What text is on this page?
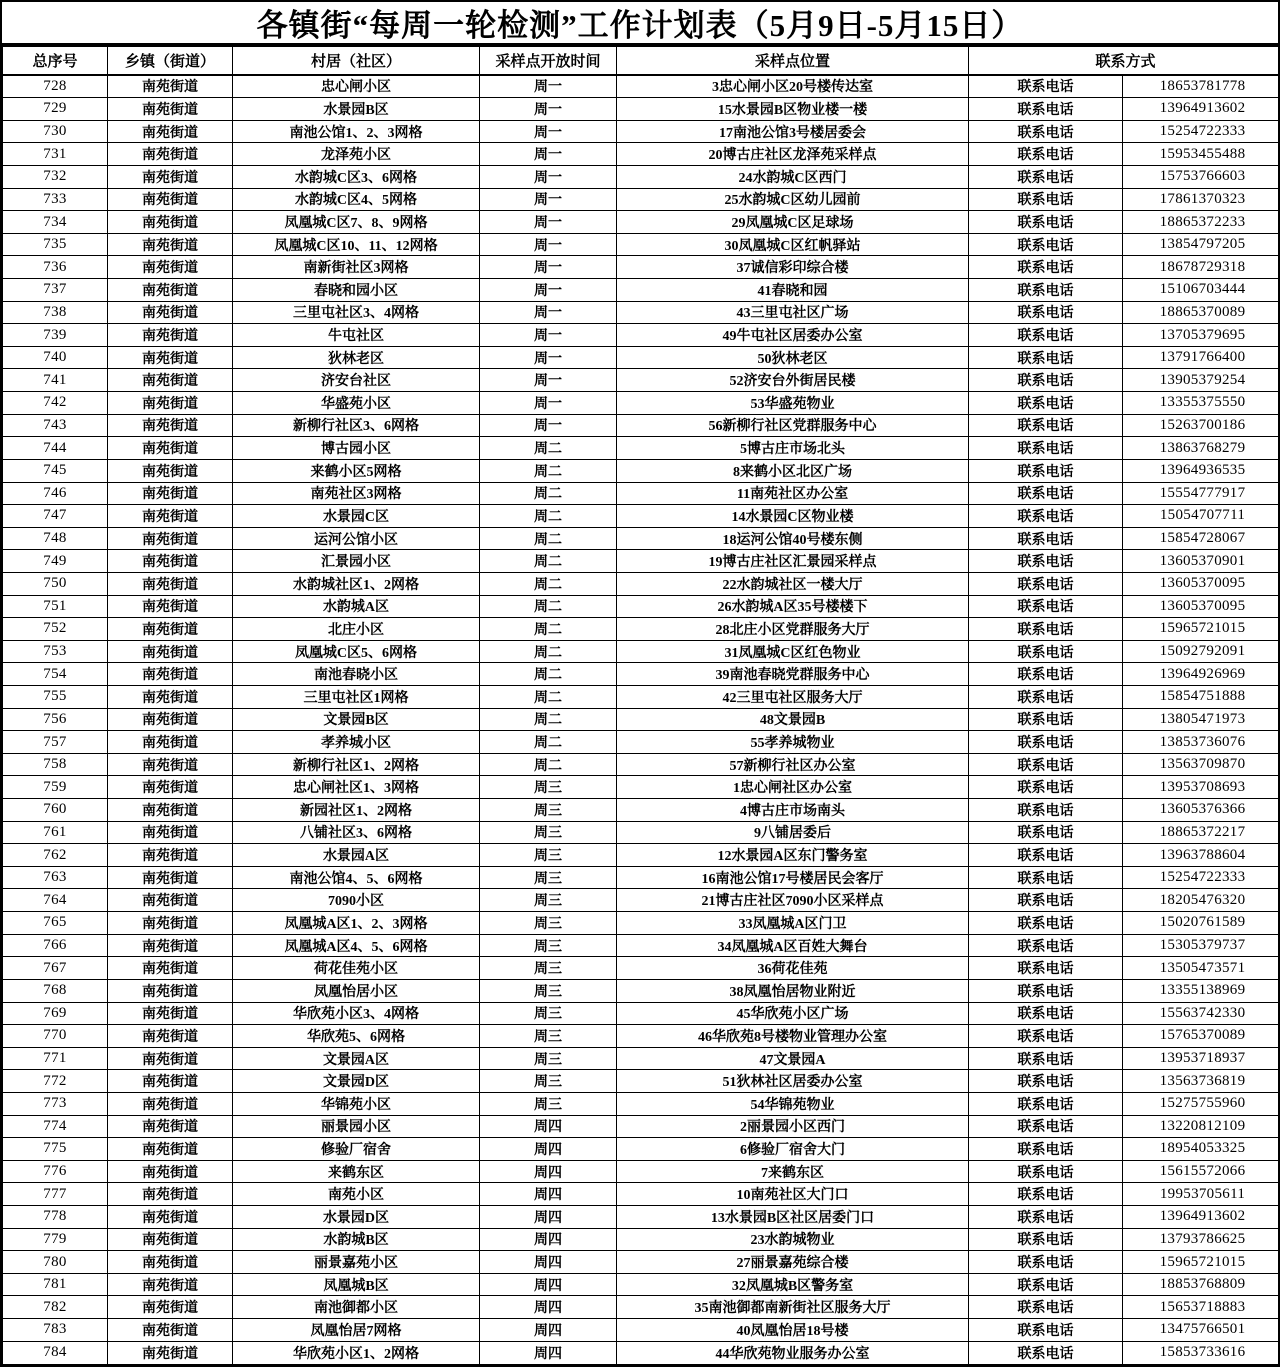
各镇街“每周一轮检测”工作计划表（5月9日-5月15日）
总序号	乡镇（街道）	村居（社区）	采样点开放时间	采样点位置	联系方式	
728	南苑街道	忠心闸小区	周一	3忠心闸小区20号楼传达室	联系电话	18653781778
729	南苑街道	水景园B区	周一	15水景园B区物业楼一楼	联系电话	13964913602
730	南苑街道	南池公馆1、2、3网格	周一	17南池公馆3号楼居委会	联系电话	15254722333
731	南苑街道	龙泽苑小区	周一	20博古庄社区龙泽苑采样点	联系电话	15953455488
732	南苑街道	水韵城C区3、6网格	周一	24水韵城C区西门	联系电话	15753766603
733	南苑街道	水韵城C区4、5网格	周一	25水韵城C区幼儿园前	联系电话	17861370323
734	南苑街道	凤凰城C区7、8、9网格	周一	29凤凰城C区足球场	联系电话	18865372233
735	南苑街道	凤凰城C区10、11、12网格	周一	30凤凰城C区红帆驿站	联系电话	13854797205
736	南苑街道	南新街社区3网格	周一	37诚信彩印综合楼	联系电话	18678729318
737	南苑街道	春晓和园小区	周一	41春晓和园	联系电话	15106703444
738	南苑街道	三里屯社区3、4网格	周一	43三里屯社区广场	联系电话	18865370089
739	南苑街道	牛屯社区	周一	49牛屯社区居委办公室	联系电话	13705379695
740	南苑街道	狄林老区	周一	50狄林老区	联系电话	13791766400
741	南苑街道	济安台社区	周一	52济安台外街居民楼	联系电话	13905379254
742	南苑街道	华盛苑小区	周一	53华盛苑物业	联系电话	13355375550
743	南苑街道	新柳行社区3、6网格	周一	56新柳行社区党群服务中心	联系电话	15263700186
744	南苑街道	博古园小区	周二	5博古庄市场北头	联系电话	13863768279
745	南苑街道	来鹤小区5网格	周二	8来鹤小区北区广场	联系电话	13964936535
746	南苑街道	南苑社区3网格	周二	11南苑社区办公室	联系电话	15554777917
747	南苑街道	水景园C区	周二	14水景园C区物业楼	联系电话	15054707711
748	南苑街道	运河公馆小区	周二	18运河公馆40号楼东侧	联系电话	15854728067
749	南苑街道	汇景园小区	周二	19博古庄社区汇景园采样点	联系电话	13605370901
750	南苑街道	水韵城社区1、2网格	周二	22水韵城社区一楼大厅	联系电话	13605370095
751	南苑街道	水韵城A区	周二	26水韵城A区35号楼楼下	联系电话	13605370095
752	南苑街道	北庄小区	周二	28北庄小区党群服务大厅	联系电话	15965721015
753	南苑街道	凤凰城C区5、6网格	周二	31凤凰城C区红色物业	联系电话	15092792091
754	南苑街道	南池春晓小区	周二	39南池春晓党群服务中心	联系电话	13964926969
755	南苑街道	三里屯社区1网格	周二	42三里屯社区服务大厅	联系电话	15854751888
756	南苑街道	文景园B区	周二	48文景园B	联系电话	13805471973
757	南苑街道	孝养城小区	周二	55孝养城物业	联系电话	13853736076
758	南苑街道	新柳行社区1、2网格	周二	57新柳行社区办公室	联系电话	13563709870
759	南苑街道	忠心闸社区1、3网格	周三	1忠心闸社区办公室	联系电话	13953708693
760	南苑街道	新园社区1、2网格	周三	4博古庄市场南头	联系电话	13605376366
761	南苑街道	八铺社区3、6网格	周三	9八铺居委后	联系电话	18865372217
762	南苑街道	水景园A区	周三	12水景园A区东门警务室	联系电话	13963788604
763	南苑街道	南池公馆4、5、6网格	周三	16南池公馆17号楼居民会客厅	联系电话	15254722333
764	南苑街道	7090小区	周三	21博古庄社区7090小区采样点	联系电话	18205476320
765	南苑街道	凤凰城A区1、2、3网格	周三	33凤凰城A区门卫	联系电话	15020761589
766	南苑街道	凤凰城A区4、5、6网格	周三	34凤凰城A区百姓大舞台	联系电话	15305379737
767	南苑街道	荷花佳苑小区	周三	36荷花佳苑	联系电话	13505473571
768	南苑街道	凤凰怡居小区	周三	38凤凰怡居物业附近	联系电话	13355138969
769	南苑街道	华欣苑小区3、4网格	周三	45华欣苑小区广场	联系电话	15563742330
770	南苑街道	华欣苑5、6网格	周三	46华欣苑8号楼物业管理办公室	联系电话	15765370089
771	南苑街道	文景园A区	周三	47文景园A	联系电话	13953718937
772	南苑街道	文景园D区	周三	51狄林社区居委办公室	联系电话	13563736819
773	南苑街道	华锦苑小区	周三	54华锦苑物业	联系电话	15275755960
774	南苑街道	丽景园小区	周四	2丽景园小区西门	联系电话	13220812109
775	南苑街道	修验厂宿舍	周四	6修验厂宿舍大门	联系电话	18954053325
776	南苑街道	来鹤东区	周四	7来鹤东区	联系电话	15615572066
777	南苑街道	南苑小区	周四	10南苑社区大门口	联系电话	19953705611
778	南苑街道	水景园D区	周四	13水景园B区社区居委门口	联系电话	13964913602
779	南苑街道	水韵城B区	周四	23水韵城物业	联系电话	13793786625
780	南苑街道	丽景嘉苑小区	周四	27丽景嘉苑综合楼	联系电话	15965721015
781	南苑街道	凤凰城B区	周四	32凤凰城B区警务室	联系电话	18853768809
782	南苑街道	南池御都小区	周四	35南池御都南新街社区服务大厅	联系电话	15653718883
783	南苑街道	凤凰怡居7网格	周四	40凤凰怡居18号楼	联系电话	13475766501
784	南苑街道	华欣苑小区1、2网格	周四	44华欣苑物业服务办公室	联系电话	15853733616
